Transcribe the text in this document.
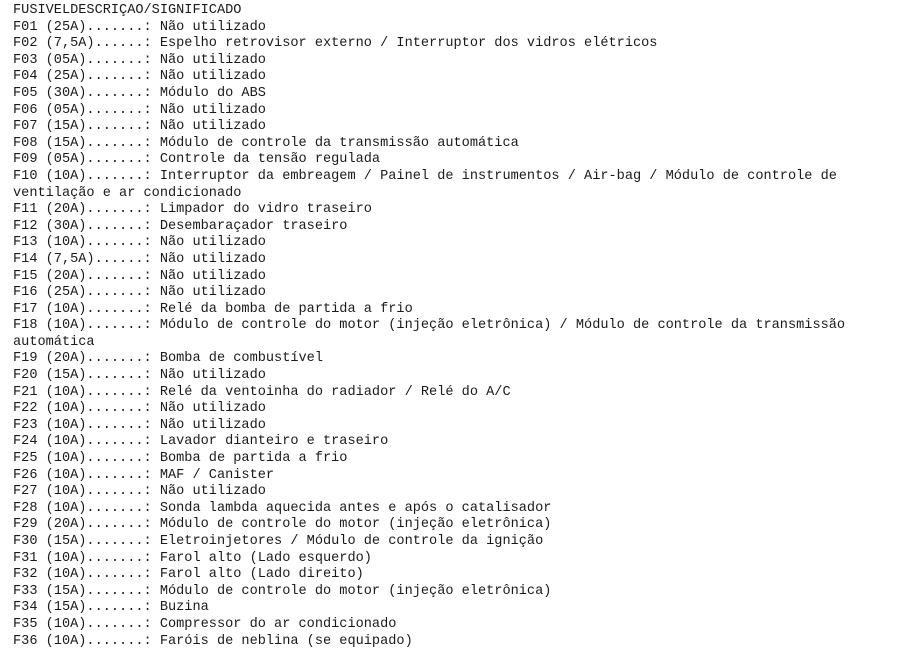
FUSÍVELDESCRIÇÃO/SIGNIFICADO
F01 (25A).......: Não utilizado
F02 (7,5A)......: Espelho retrovisor externo / Interruptor dos vidros elétricos
F03 (05A).......: Não utilizado
F04 (25A).......: Não utilizado
F05 (30A).......: Módulo do ABS
F06 (05A).......: Não utilizado
F07 (15A).......: Não utilizado
F08 (15A).......: Módulo de controle da transmissão automática
F09 (05A).......: Controle da tensão regulada
F10 (10A).......: Interruptor da embreagem / Painel de instrumentos / Air-bag / Módulo de controle de
ventilação e ar condicionado
F11 (20A).......: Limpador do vidro traseiro
F12 (30A).......: Desembaraçador traseiro
F13 (10A).......: Não utilizado
F14 (7,5A)......: Não utilizado
F15 (20A).......: Não utilizado
F16 (25A).......: Não utilizado
F17 (10A).......: Relé da bomba de partida a frio
F18 (10A).......: Módulo de controle do motor (injeção eletrônica) / Módulo de controle da transmissão
automática
F19 (20A).......: Bomba de combustível
F20 (15A).......: Não utilizado
F21 (10A).......: Relé da ventoinha do radiador / Relé do A/C
F22 (10A).......: Não utilizado
F23 (10A).......: Não utilizado
F24 (10A).......: Lavador dianteiro e traseiro
F25 (10A).......: Bomba de partida a frio
F26 (10A).......: MAF / Canister
F27 (10A).......: Não utilizado
F28 (10A).......: Sonda lambda aquecida antes e após o catalisador
F29 (20A).......: Módulo de controle do motor (injeção eletrônica)
F30 (15A).......: Eletroinjetores / Módulo de controle da ignição
F31 (10A).......: Farol alto (Lado esquerdo)
F32 (10A).......: Farol alto (Lado direito)
F33 (15A).......: Módulo de controle do motor (injeção eletrônica)
F34 (15A).......: Buzina
F35 (10A).......: Compressor do ar condicionado
F36 (10A).......: Faróis de neblina (se equipado)
